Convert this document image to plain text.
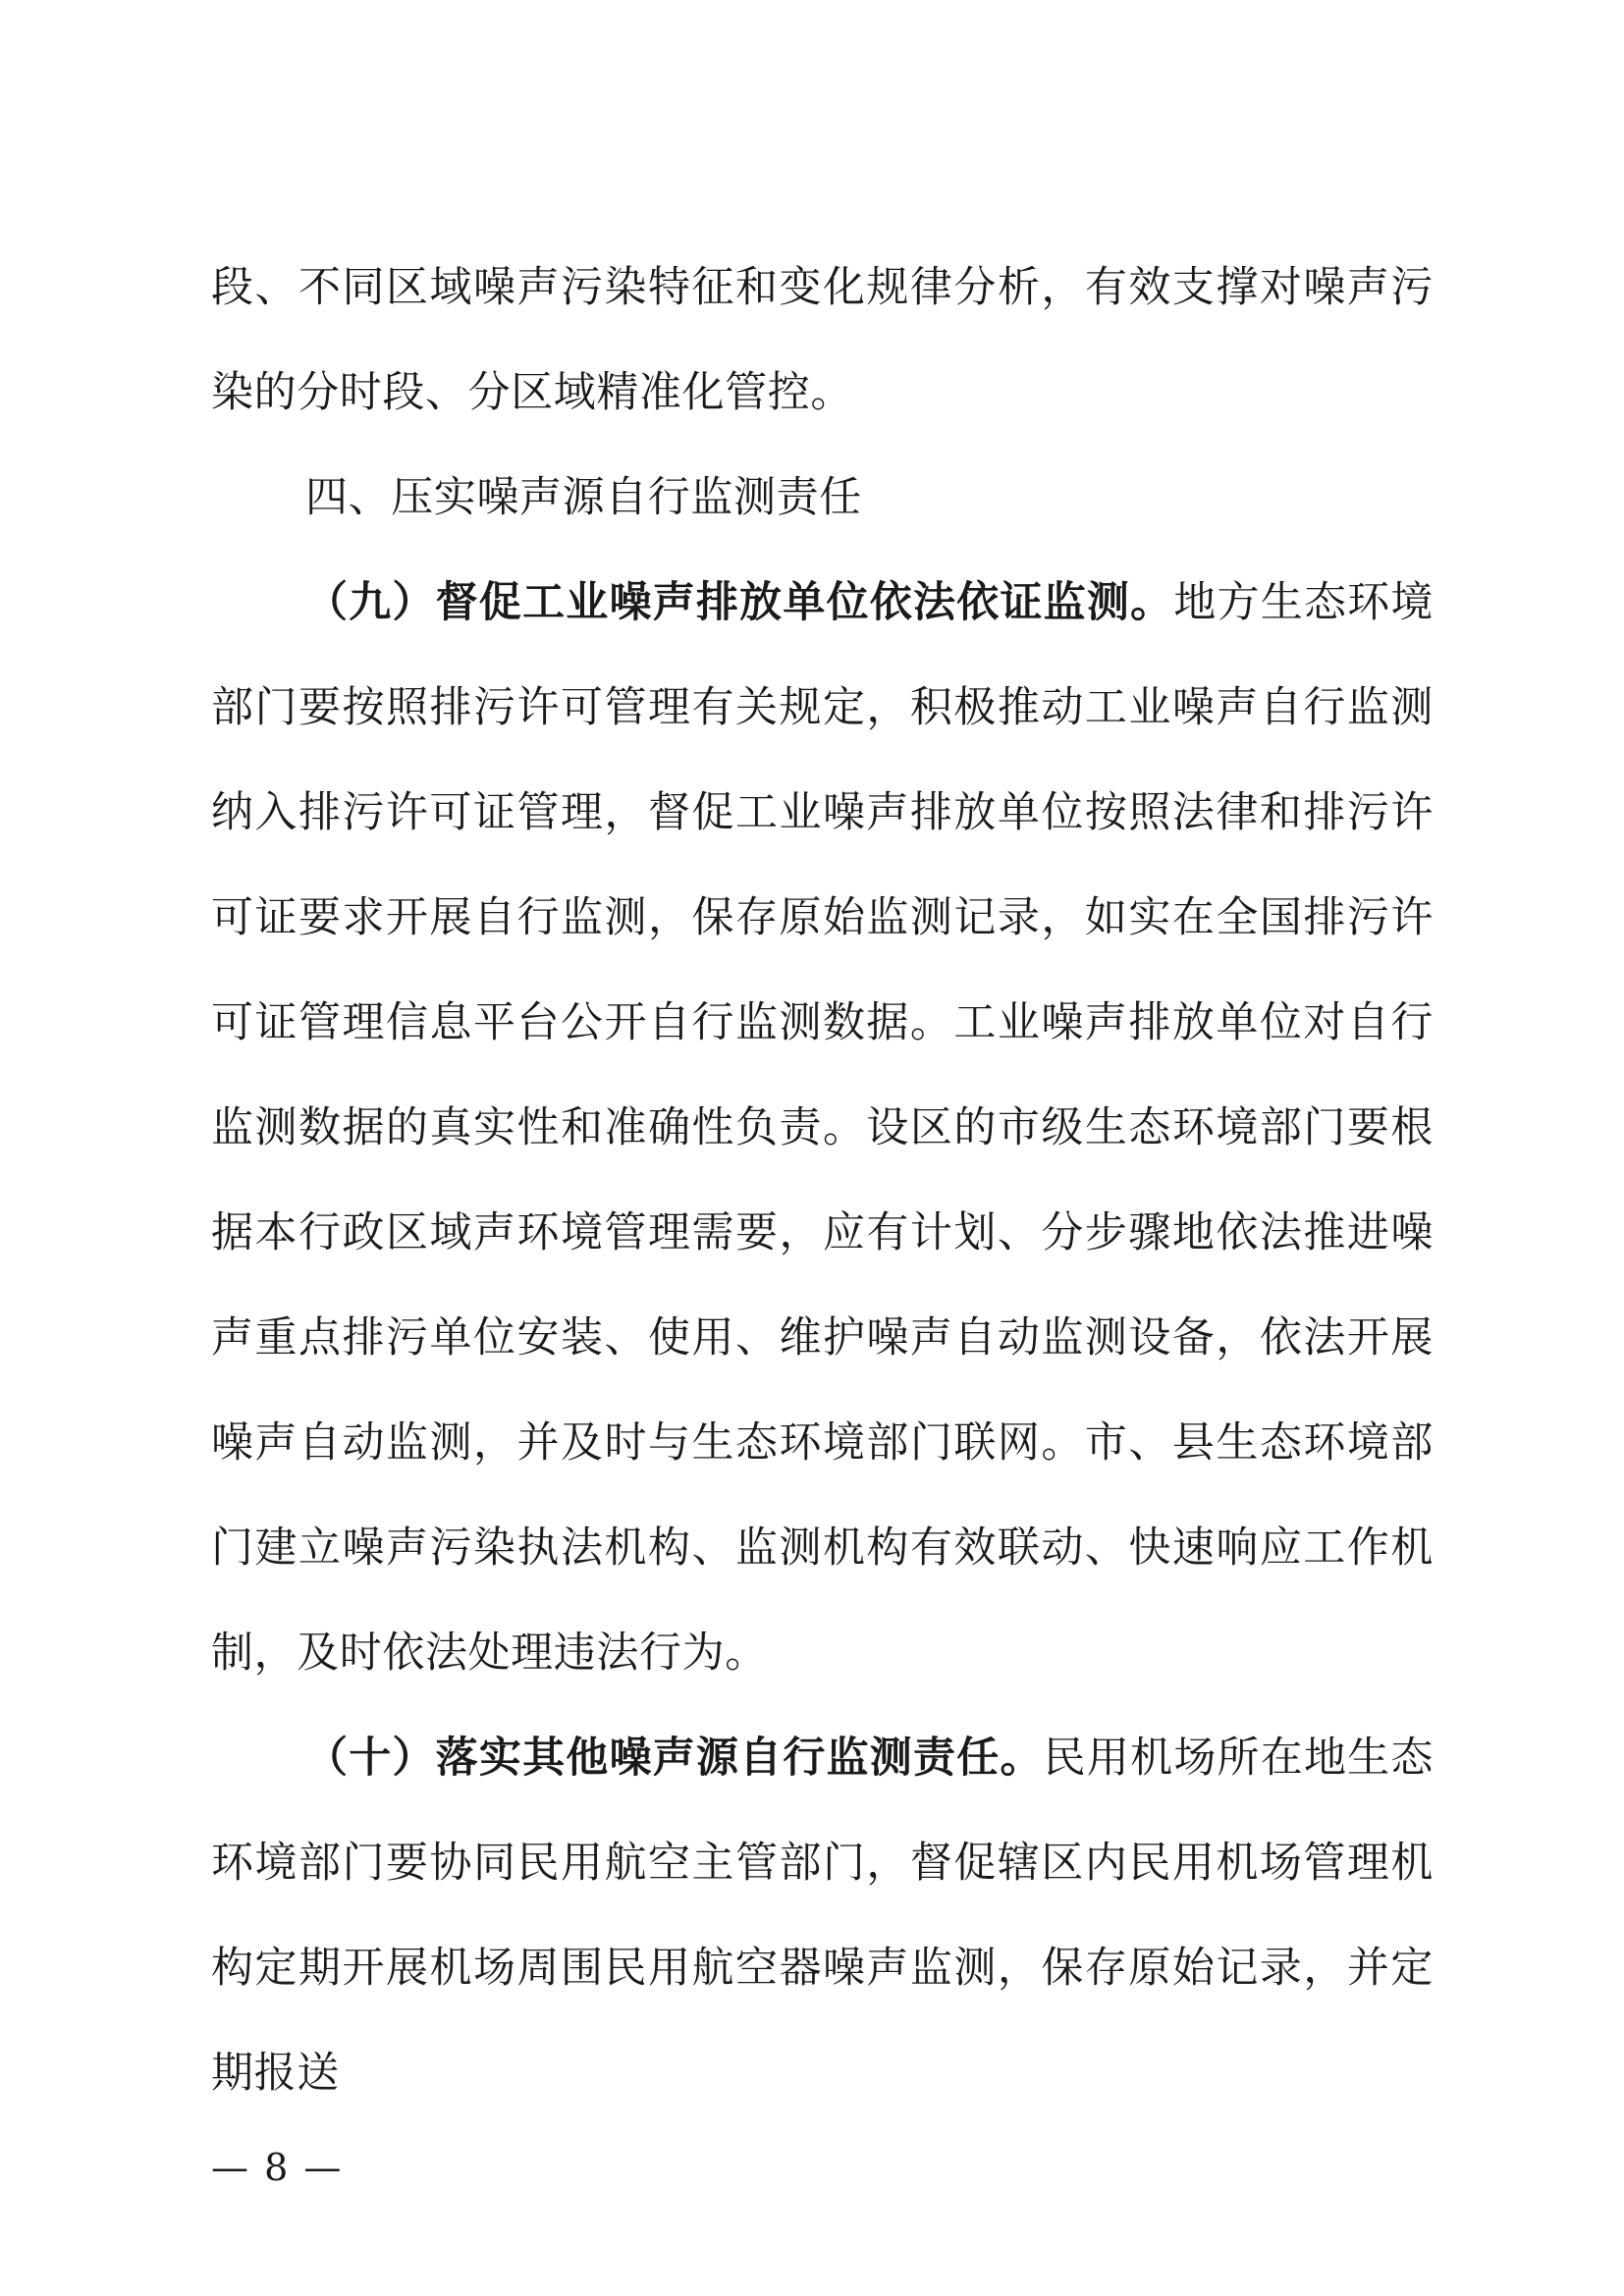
段、不同区域噪声污染特征和变化规律分析，有效支撑对噪声污染的分时段、分区域精准化管控。

四、压实噪声源自行监测责任

（九）督促工业噪声排放单位依法依证监测。地方生态环境部门要按照排污许可管理有关规定，积极推动工业噪声自行监测纳入排污许可证管理，督促工业噪声排放单位按照法律和排污许可证要求开展自行监测，保存原始监测记录，如实在全国排污许可证管理信息平台公开自行监测数据。工业噪声排放单位对自行监测数据的真实性和准确性负责。设区的市级生态环境部门要根据本行政区域声环境管理需要，应有计划、分步骤地依法推进噪声重点排污单位安装、使用、维护噪声自动监测设备，依法开展噪声自动监测，并及时与生态环境部门联网。市、县生态环境部门建立噪声污染执法机构、监测机构有效联动、快速响应工作机制，及时依法处理违法行为。

（十）落实其他噪声源自行监测责任。民用机场所在地生态环境部门要协同民用航空主管部门，督促辖区内民用机场管理机构定期开展机场周围民用航空器噪声监测，保存原始记录，并定期报送

— 8 —
